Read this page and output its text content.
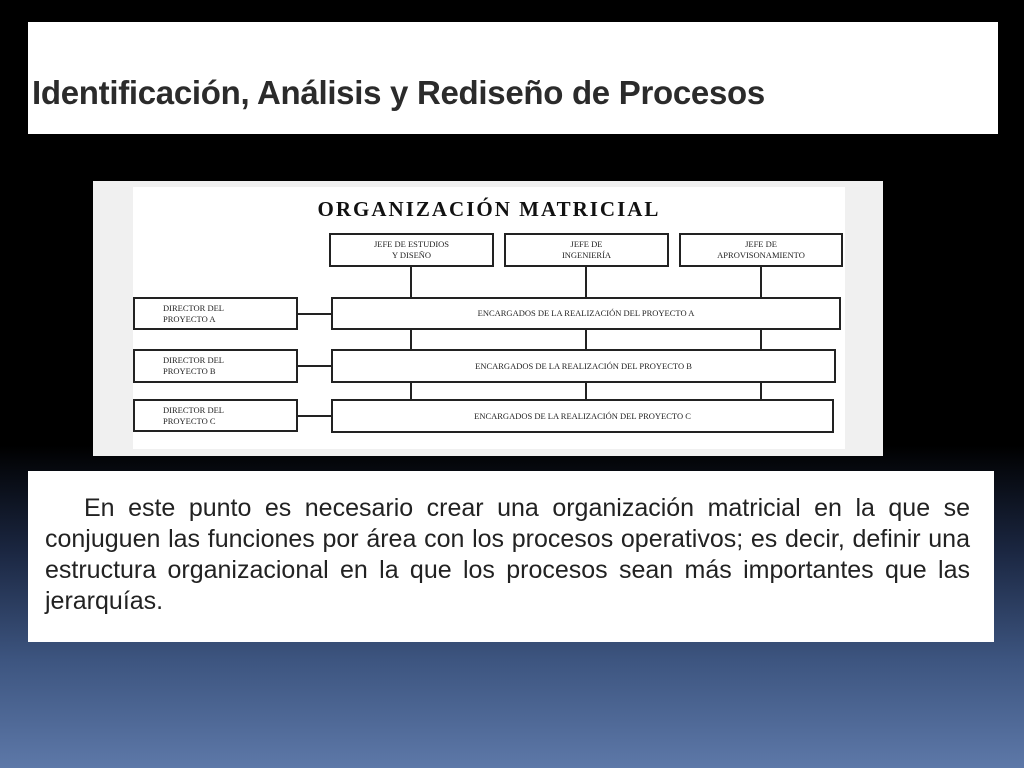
Identificación, Análisis y Rediseño de Procesos
ORGANIZACIÓN MATRICIAL
JEFE DE ESTUDIOS
Y DISEÑO
JEFE DE
INGENIERÍA
JEFE DE
APROVISONAMIENTO
DIRECTOR DEL
PROYECTO A
ENCARGADOS DE LA REALIZACIÓN DEL PROYECTO A
DIRECTOR DEL
PROYECTO B
ENCARGADOS DE LA REALIZACIÓN DEL PROYECTO B
DIRECTOR DEL
PROYECTO C	ENCARGADOS DE LA REALIZACIÓN DEL PROYECTO C
En este punto es necesario crear una organización matricial en la que se conjuguen las funciones por área con los procesos operativos; es decir, definir una estructura organizacional en la que los procesos sean más importantes que las jerarquías.
